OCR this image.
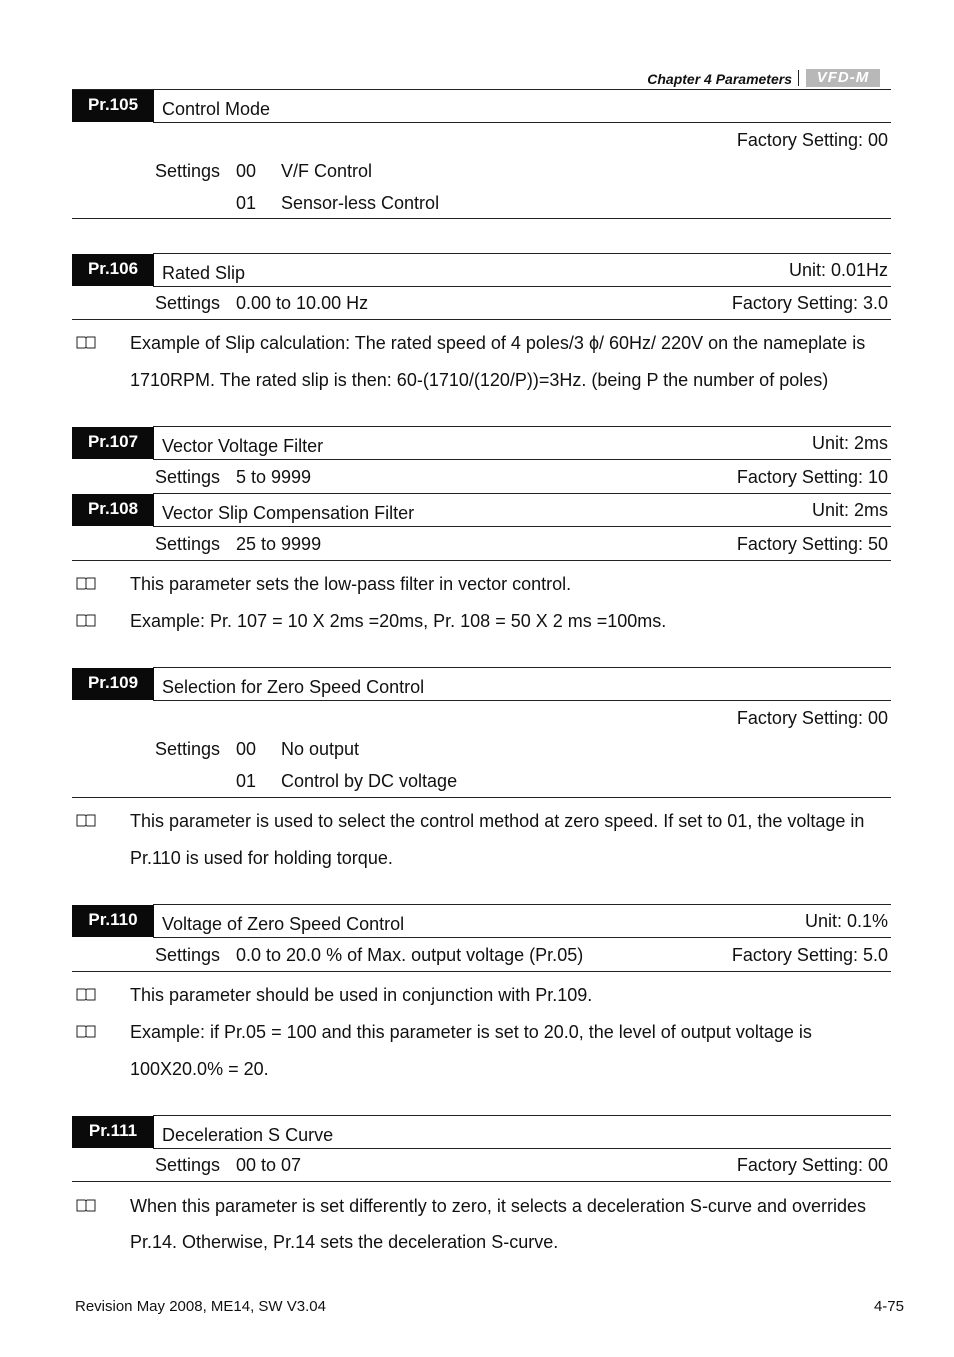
Chapter 4 Parameters	VFD-M
Pr.105	Control Mode
Factory Setting: 00
Settings 00 V/F Control
01 Sensor-less Control
Pr.106	Rated Slip	Unit: 0.01Hz
Settings 0.00 to 10.00 Hz	Factory Setting: 3.0
Example of Slip calculation: The rated speed of 4 poles/3 ϕ/ 60Hz/ 220V on the nameplate is
1710RPM. The rated slip is then: 60-(1710/(120/P))=3Hz. (being P the number of poles)
Pr.107	Vector Voltage Filter	Unit: 2ms
Settings 5 to 9999	Factory Setting: 10
Pr.108	Vector Slip Compensation Filter	Unit: 2ms
Settings 25 to 9999	Factory Setting: 50
This parameter sets the low-pass filter in vector control.
Example: Pr. 107 = 10 X 2ms =20ms, Pr. 108 = 50 X 2 ms =100ms.
Pr.109	Selection for Zero Speed Control
Factory Setting: 00
Settings 00 No output
01 Control by DC voltage
This parameter is used to select the control method at zero speed. If set to 01, the voltage in
Pr.110 is used for holding torque.
Pr.110	Voltage of Zero Speed Control	Unit: 0.1%
Settings 0.0 to 20.0 % of Max. output voltage (Pr.05)	Factory Setting: 5.0
This parameter should be used in conjunction with Pr.109.
Example: if Pr.05 = 100 and this parameter is set to 20.0, the level of output voltage is
100X20.0% = 20.
Pr.111	Deceleration S Curve
Settings 00 to 07	Factory Setting: 00
When this parameter is set differently to zero, it selects a deceleration S-curve and overrides
Pr.14. Otherwise, Pr.14 sets the deceleration S-curve.
Revision May 2008, ME14, SW V3.04	4-75
